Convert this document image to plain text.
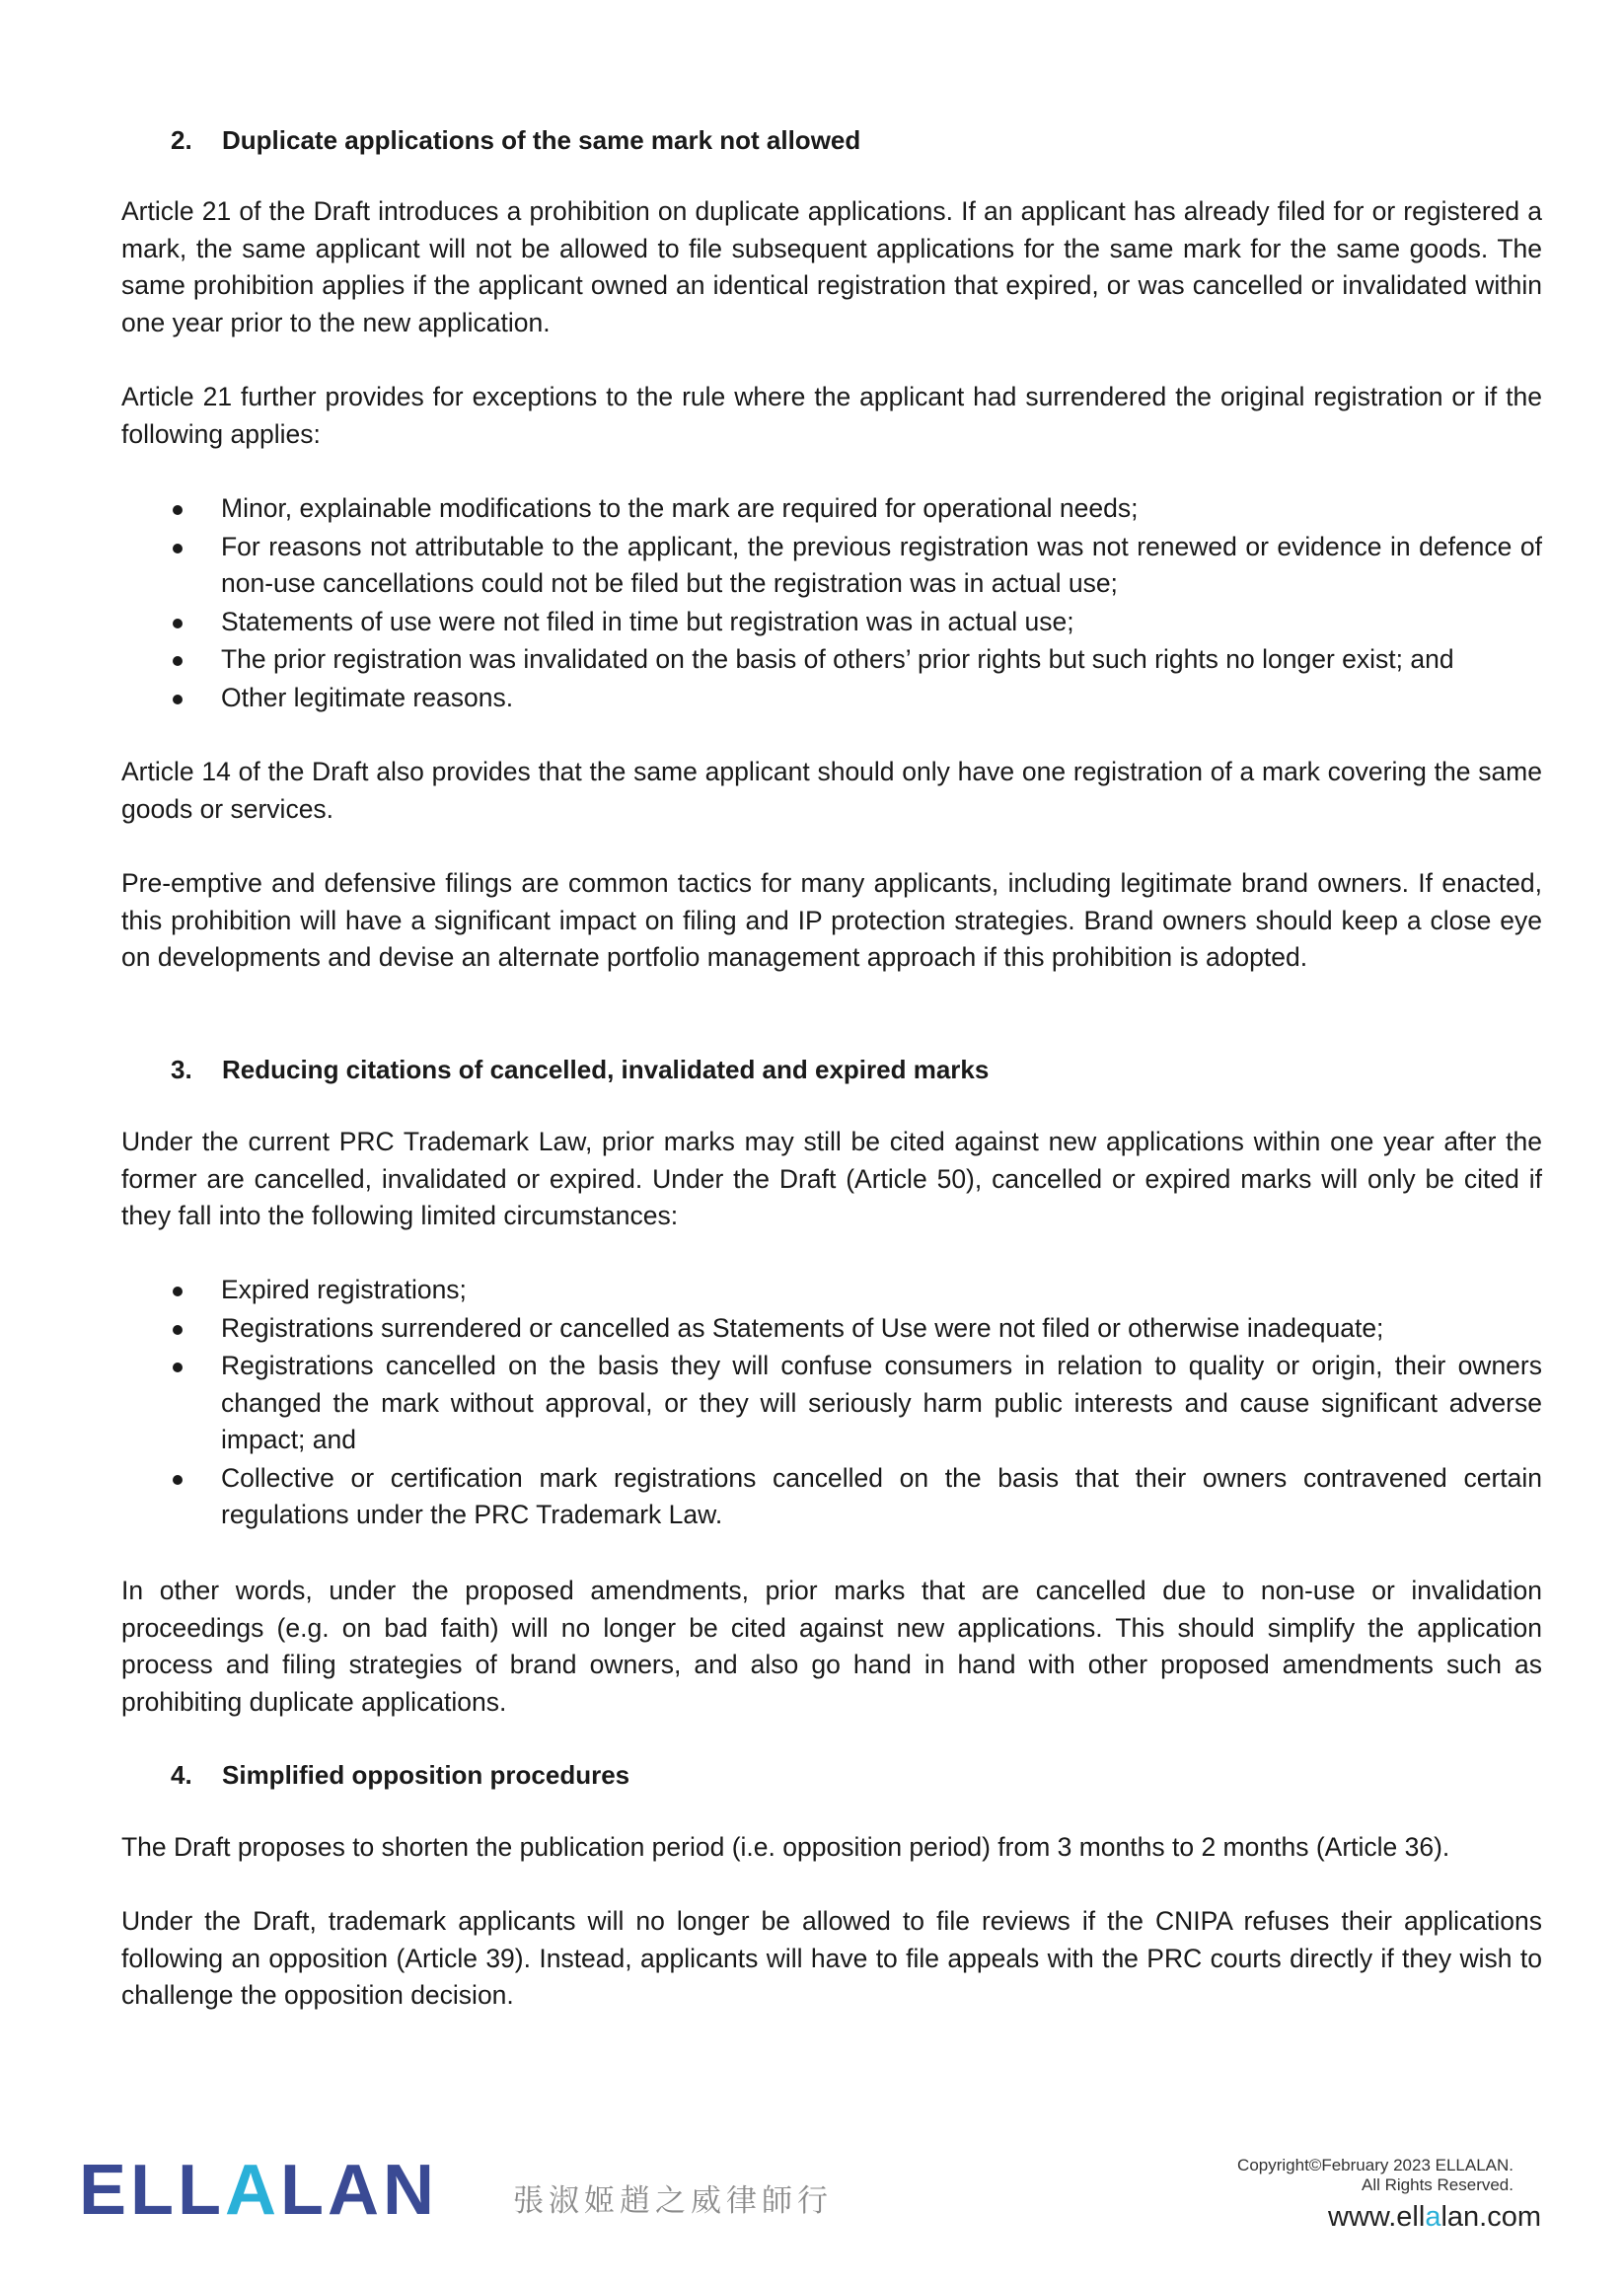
2. Duplicate applications of the same mark not allowed
Article 21 of the Draft introduces a prohibition on duplicate applications. If an applicant has already filed for or registered a mark, the same applicant will not be allowed to file subsequent applications for the same mark for the same goods. The same prohibition applies if the applicant owned an identical registration that expired, or was cancelled or invalidated within one year prior to the new application.
Article 21 further provides for exceptions to the rule where the applicant had surrendered the original registration or if the following applies:
Minor, explainable modifications to the mark are required for operational needs;
For reasons not attributable to the applicant, the previous registration was not renewed or evidence in defence of non-use cancellations could not be filed but the registration was in actual use;
Statements of use were not filed in time but registration was in actual use;
The prior registration was invalidated on the basis of others’ prior rights but such rights no longer exist; and
Other legitimate reasons.
Article 14 of the Draft also provides that the same applicant should only have one registration of a mark covering the same goods or services.
Pre-emptive and defensive filings are common tactics for many applicants, including legitimate brand owners. If enacted, this prohibition will have a significant impact on filing and IP protection strategies. Brand owners should keep a close eye on developments and devise an alternate portfolio management approach if this prohibition is adopted.
3. Reducing citations of cancelled, invalidated and expired marks
Under the current PRC Trademark Law, prior marks may still be cited against new applications within one year after the former are cancelled, invalidated or expired. Under the Draft (Article 50), cancelled or expired marks will only be cited if they fall into the following limited circumstances:
Expired registrations;
Registrations surrendered or cancelled as Statements of Use were not filed or otherwise inadequate;
Registrations cancelled on the basis they will confuse consumers in relation to quality or origin, their owners changed the mark without approval, or they will seriously harm public interests and cause significant adverse impact; and
Collective or certification mark registrations cancelled on the basis that their owners contravened certain regulations under the PRC Trademark Law.
In other words, under the proposed amendments, prior marks that are cancelled due to non-use or invalidation proceedings (e.g. on bad faith) will no longer be cited against new applications. This should simplify the application process and filing strategies of brand owners, and also go hand in hand with other proposed amendments such as prohibiting duplicate applications.
4. Simplified opposition procedures
The Draft proposes to shorten the publication period (i.e. opposition period) from 3 months to 2 months (Article 36).
Under the Draft, trademark applicants will no longer be allowed to file reviews if the CNIPA refuses their applications following an opposition (Article 39). Instead, applicants will have to file appeals with the PRC courts directly if they wish to challenge the opposition decision.
ELLALAN 張淑姬趙之威律師行
Copyright©February 2023 ELLALAN.
All Rights Reserved.
www.ellalan.com
